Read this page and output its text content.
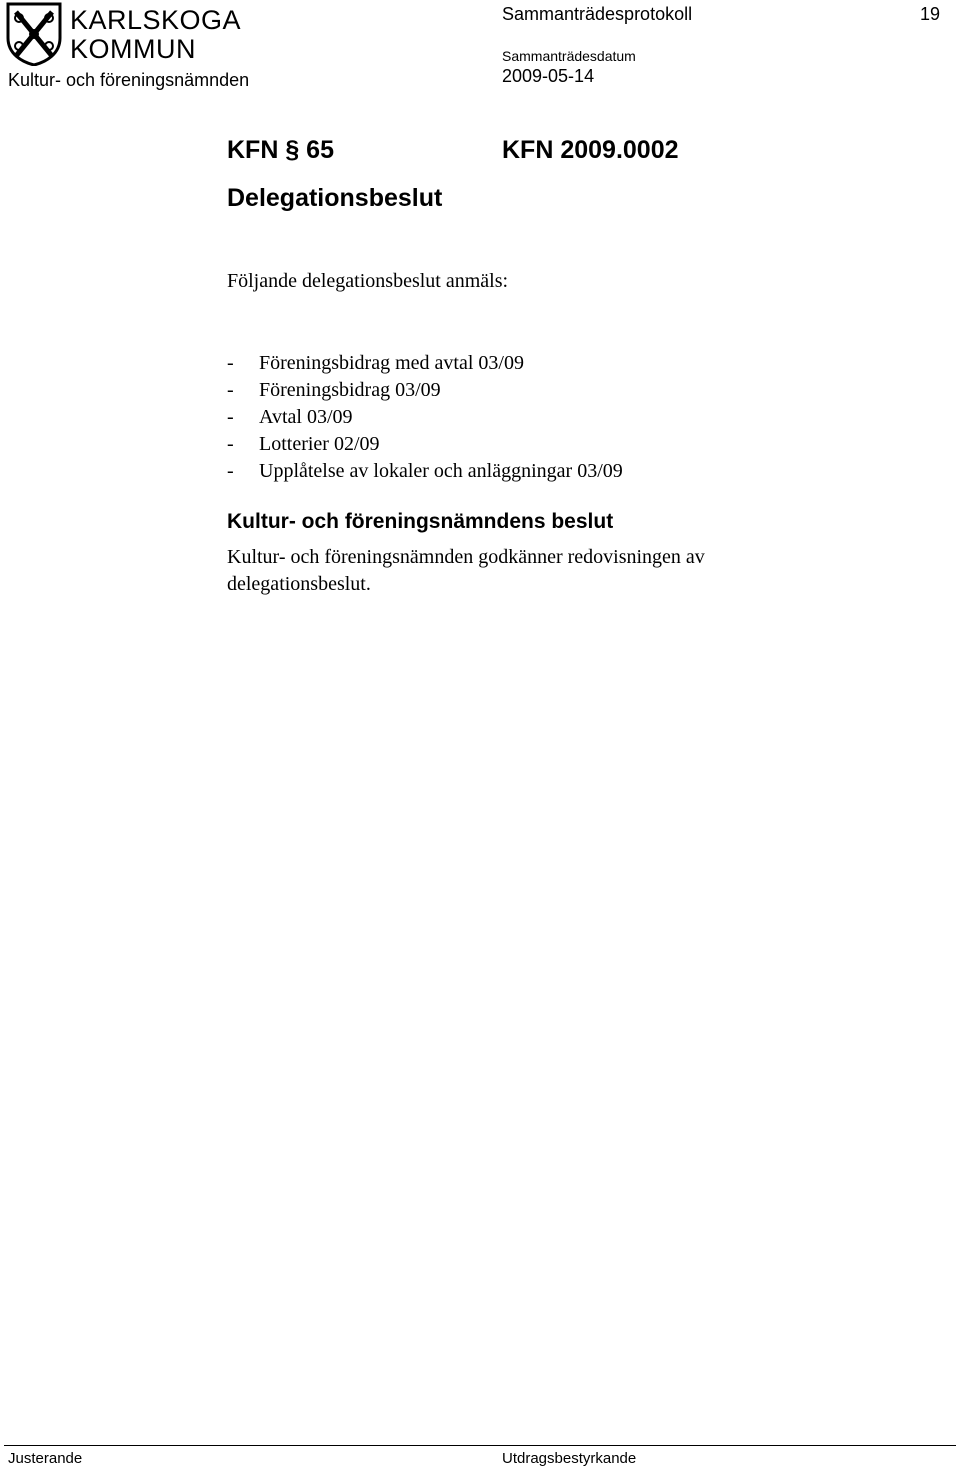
KARLSKOGA
KOMMUN
Kultur- och föreningsnämnden
Sammanträdesprotokoll	19
Sammanträdesdatum
2009-05-14
KFN § 65	KFN 2009.0002
Delegationsbeslut
Följande delegationsbeslut anmäls:
-	Föreningsbidrag med avtal 03/09
-	Föreningsbidrag 03/09
-	Avtal 03/09
-	Lotterier 02/09
-	Upplåtelse av lokaler och anläggningar 03/09
Kultur- och föreningsnämndens beslut
Kultur- och föreningsnämnden godkänner redovisningen av delegationsbeslut.
Justerande	Utdragsbestyrkande
